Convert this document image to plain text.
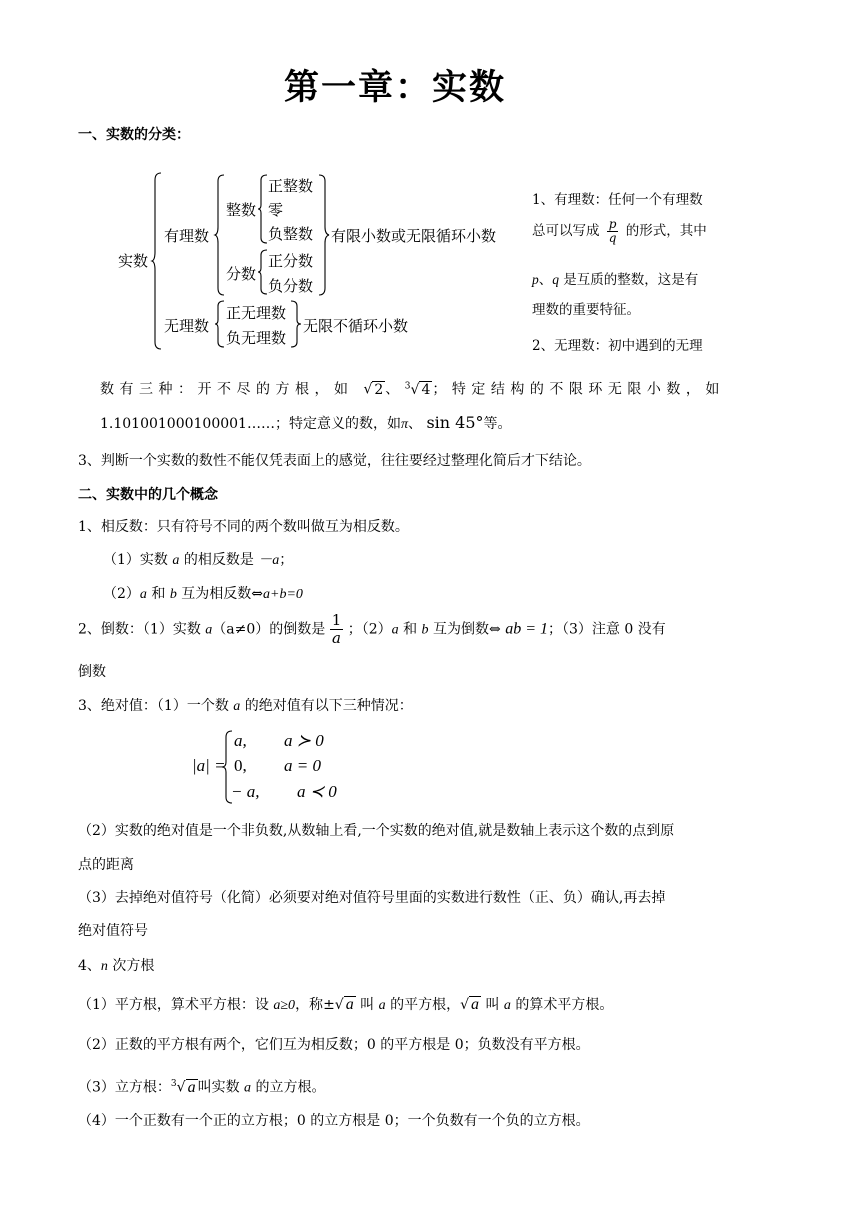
第一章：实数
一、实数的分类：
实数
有理数
整数
正整数
零
负整数 有限小数或无限循环小数
分数
正分数
负分数
无理数
正无理数
负无理数
无限不循环小数
1、有理数：任何一个有理数
总可以写成 $\frac{p}{q}$ 的形式，其中
p、q 是互质的整数，这是有
理数的重要特征。
2、无理数：初中遇到的无理
数有三种：开不尽的方根，如 √ 2 、$^3$√ 4 ；特定结构的不限环无限小数，如
1.101001000100001……；特定意义的数，如π、 sin 45°等。
3、判断一个实数的数性不能仅凭表面上的感觉，往往要经过整理化简后才下结论。
二、实数中的几个概念
1、相反数：只有符号不同的两个数叫做互为相反数。
（1）实数 a 的相反数是 －a；
（2）a 和 b 互为相反数⇔a+b=0
2、倒数：（1）实数 a（a≠0）的倒数是 $\frac{1}{a}$ ；（2）a 和 b 互为倒数⇔ ab = 1；（3）注意 0 没有
倒数
3、绝对值：（1）一个数 a 的绝对值有以下三种情况：
|a| =
a, a ≻ 0
0, a = 0
− a, a ≺ 0
（2）实数的绝对值是一个非负数,从数轴上看,一个实数的绝对值,就是数轴上表示这个数的点到原
点的距离
（3）去掉绝对值符号（化简）必须要对绝对值符号里面的实数进行数性（正、负）确认,再去掉
绝对值符号
4、n 次方根
（1）平方根，算术平方根：设 a≥0，称±√ a 叫 a 的平方根，√ a 叫 a 的算术平方根。
（2）正数的平方根有两个，它们互为相反数；0 的平方根是 0；负数没有平方根。
（3）立方根：$^3$√ a 叫实数 a 的立方根。
（4）一个正数有一个正的立方根；0 的立方根是 0；一个负数有一个负的立方根。
